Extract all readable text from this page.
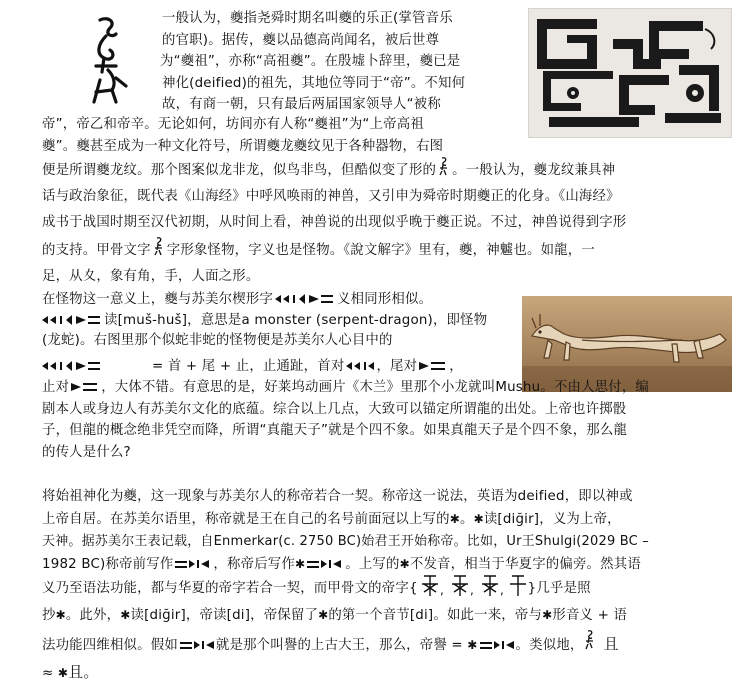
一般认为，夔指尧舜时期名叫夔的乐正(掌管音乐
的官职)。据传，夔以品德高尚闻名，被后世尊
为“夔祖”，亦称“高祖夔”。在殷墟卜辞里，夔已是
神化(deified)的祖先，其地位等同于“帝”。不知何
故，有商一朝，只有最后两届国家领导人“被称
帝”，帝乙和帝辛。无论如何，坊间亦有人称“夔祖”为“上帝高祖
夔”。夔甚至成为一种文化符号，所谓夔龙夔纹见于各种器物，右图
便是所谓夔龙纹。那个图案似龙非龙，似鸟非鸟，但酷似变了形的 。一般认为，夔龙纹兼具神
话与政治象征，既代表《山海经》中呼风唤雨的神兽，又引申为舜帝时期夔正的化身。《山海经》
成书于战国时期至汉代初期，从时间上看，神兽说的出现似乎晚于夔正说。不过，神兽说得到字形
的支持。甲骨文字 字形象怪物，字义也是怪物。《說文解字》里有，夔，神魖也。如龍，一
足，从夊，象有角，手，人面之形。
在怪物这一意义上，夔与苏美尔楔形字	义相同形相似。
读[muš-huš]，意思是a monster (serpent-dragon)，即怪物
(龙蛇)。右图里那个似蛇非蛇的怪物便是苏美尔人心目中的
= 首 + 尾 + 止，止通趾，首对 ，尾对 ，
止对 ，大体不错。有意思的是，好莱坞动画片《木兰》里那个小龙就叫Mushu。不由人思付，编
剧本人或身边人有苏美尔文化的底蕴。综合以上几点，大致可以锚定所谓龍的出处。上帝也许掷骰
子，但龍的概念绝非凭空而降，所谓“真龍天子”就是个四不象。如果真龍天子是个四不象，那么龍
的传人是什么?
将始祖神化为夔，这一现象与苏美尔人的称帝若合一契。称帝这一说法，英语为deified，即以神或
上帝自居。在苏美尔语里，称帝就是王在自己的名号前面冠以上写的✱。✱读[diğir]，义为上帝，
天神。据苏美尔王表记载，自Enmerkar(c. 2750 BC)始君王开始称帝。比如，Ur王Shulgi(2029 BC –
1982 BC)称帝前写作	，称帝后写作✱	。上写的✱不发音，相当于华夏字的偏旁。然其语
义乃至语法功能，都与华夏的帝字若合一契，而甲骨文的帝字{ , , , }几乎是照
抄✱。此外，✱读[diğir]，帝读[di]，帝保留了✱的第一个音节[di]。如此一来，帝与✱形音义 + 语
法功能四维相似。假如	就是那个叫譽的上古大王，那么，帝譽 = ✱	。类似地， 且
≈ ✱且。
